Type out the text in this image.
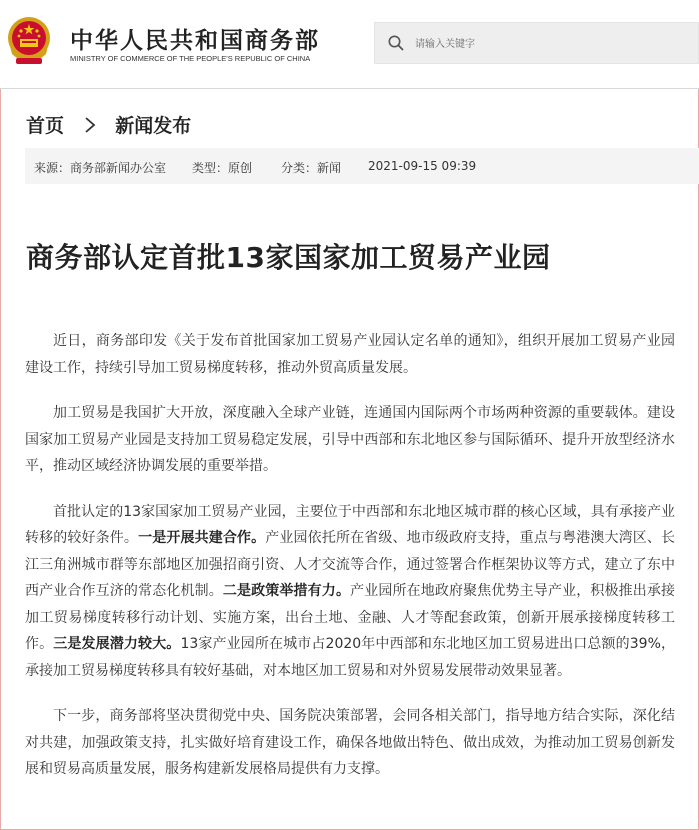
中华人民共和国商务部
MINISTRY OF COMMERCE OF THE PEOPLE'S REPUBLIC OF CHINA
请输入关键字
首页	新闻发布
来源：商务部新闻办公室 类型：原创 分类：新闻 2021-09-15 09:39
商务部认定首批13家国家加工贸易产业园

近日，商务部印发《关于发布首批国家加工贸易产业园认定名单的通知》，组织开展加工贸易产业园建设工作，持续引导加工贸易梯度转移，推动外贸高质量发展。

加工贸易是我国扩大开放，深度融入全球产业链，连通国内国际两个市场两种资源的重要载体。建设国家加工贸易产业园是支持加工贸易稳定发展，引导中西部和东北地区参与国际循环、提升开放型经济水平，推动区域经济协调发展的重要举措。

首批认定的13家国家加工贸易产业园，主要位于中西部和东北地区城市群的核心区域，具有承接产业转移的较好条件。一是开展共建合作。产业园依托所在省级、地市级政府支持，重点与粤港澳大湾区、长江三角洲城市群等东部地区加强招商引资、人才交流等合作，通过签署合作框架协议等方式，建立了东中西产业合作互济的常态化机制。二是政策举措有力。产业园所在地政府聚焦优势主导产业，积极推出承接加工贸易梯度转移行动计划、实施方案，出台土地、金融、人才等配套政策，创新开展承接梯度转移工作。三是发展潜力较大。13家产业园所在城市占2020年中西部和东北地区加工贸易进出口总额的39%，承接加工贸易梯度转移具有较好基础，对本地区加工贸易和对外贸易发展带动效果显著。

下一步，商务部将坚决贯彻党中央、国务院决策部署，会同各相关部门，指导地方结合实际，深化结对共建，加强政策支持，扎实做好培育建设工作，确保各地做出特色、做出成效，为推动加工贸易创新发展和贸易高质量发展，服务构建新发展格局提供有力支撑。
